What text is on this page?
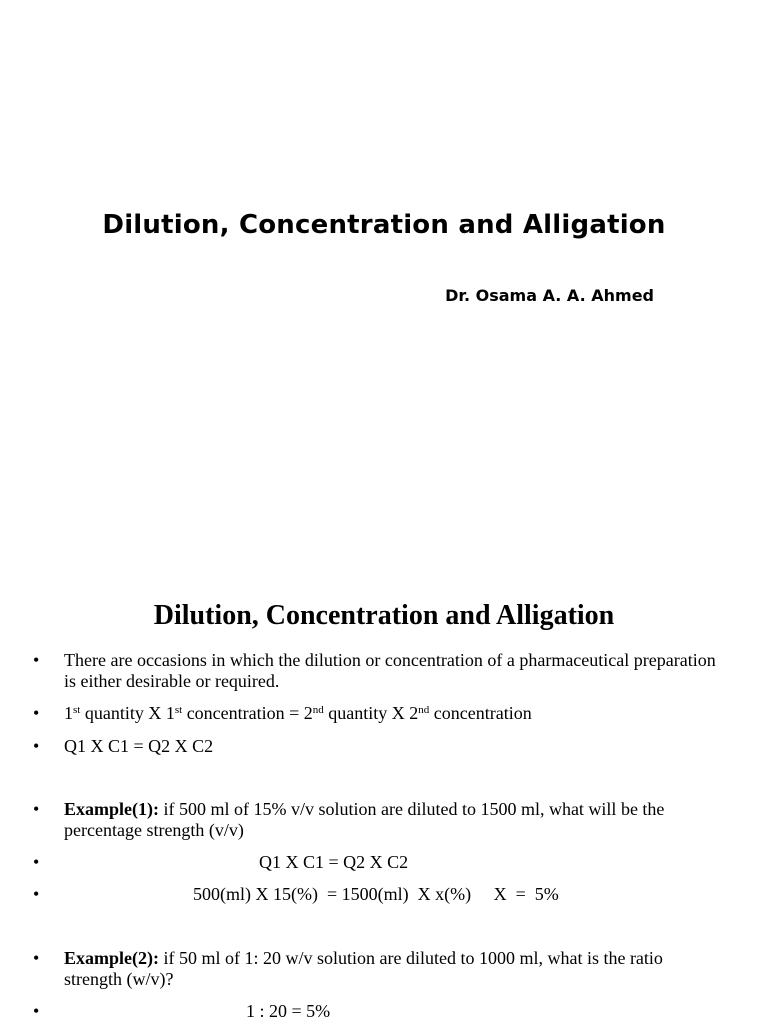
Dilution, Concentration and Alligation

Dr. Osama A. A. Ahmed

Dilution, Concentration and Alligation
• There are occasions in which the dilution or concentration of a pharmaceutical preparation is either desirable or required.
• 1st quantity X 1st concentration = 2nd quantity X 2nd concentration
• Q1 X C1 = Q2 X C2
• Example(1): if 500 ml of 15% v/v solution are diluted to 1500 ml, what will be the percentage strength (v/v)
•	Q1 X C1 = Q2 X C2
•	500(ml) X 15(%)  = 1500(ml)  X x(%)     X  =  5%
• Example(2): if 50 ml of 1: 20 w/v solution are diluted to 1000 ml, what is the ratio strength (w/v)?
•	1 : 20 = 5%
